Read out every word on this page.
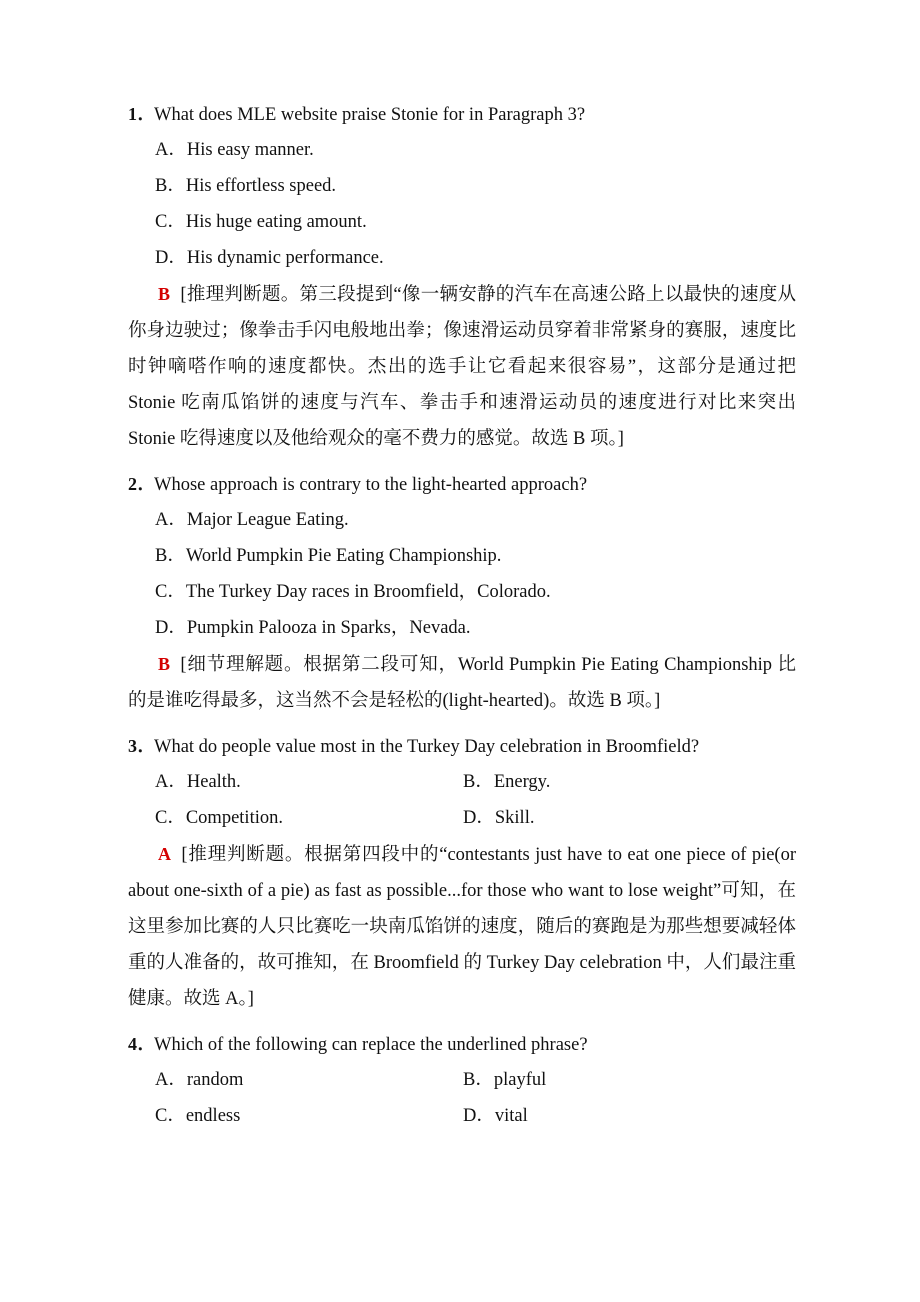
1．
What does MLE website praise Stonie for in Paragraph 3?
A． His easy manner.
B． His effortless speed.
C． His huge eating amount.
D． His dynamic performance.
B [推理判断题。第三段提到“像一辆安静的汽车在高速公路上以最快的速度从你身边驶过；像拳击手闪电般地出拳；像速滑运动员穿着非常紧身的赛服，速度比时钟嘀嗒作响的速度都快。杰出的选手让它看起来很容易”，这部分是通过把 Stonie 吃南瓜馅饼的速度与汽车、拳击手和速滑运动员的速度进行对比来突出 Stonie 吃得速度以及他给观众的毫不费力的感觉。故选 B 项。]
2．
Whose approach is contrary to the light-hearted approach?
A． Major League Eating.
B． World Pumpkin Pie Eating Championship.
C． The Turkey Day races in Broomfield，Colorado.
D． Pumpkin Palooza in Sparks，Nevada.
B [细节理解题。根据第二段可知，World Pumpkin Pie Eating Championship 比的是谁吃得最多，这当然不会是轻松的(light-hearted)。故选 B 项。]
3．
What do people value most in the Turkey Day celebration in Broomfield?
A． Health.	B． Energy.
C． Competition.	D． Skill.
A [推理判断题。根据第四段中的“contestants just have to eat one piece of pie(or about one-sixth of a pie) as fast as possible...for those who want to lose weight”可知，在这里参加比赛的人只比赛吃一块南瓜馅饼的速度，随后的赛跑是为那些想要减轻体重的人准备的，故可推知，在 Broomfield 的 Turkey Day celebration 中，人们最注重健康。故选 A。]
4．
Which of the following can replace the underlined phrase?
A． random	B． playful
C． endless	D． vital
